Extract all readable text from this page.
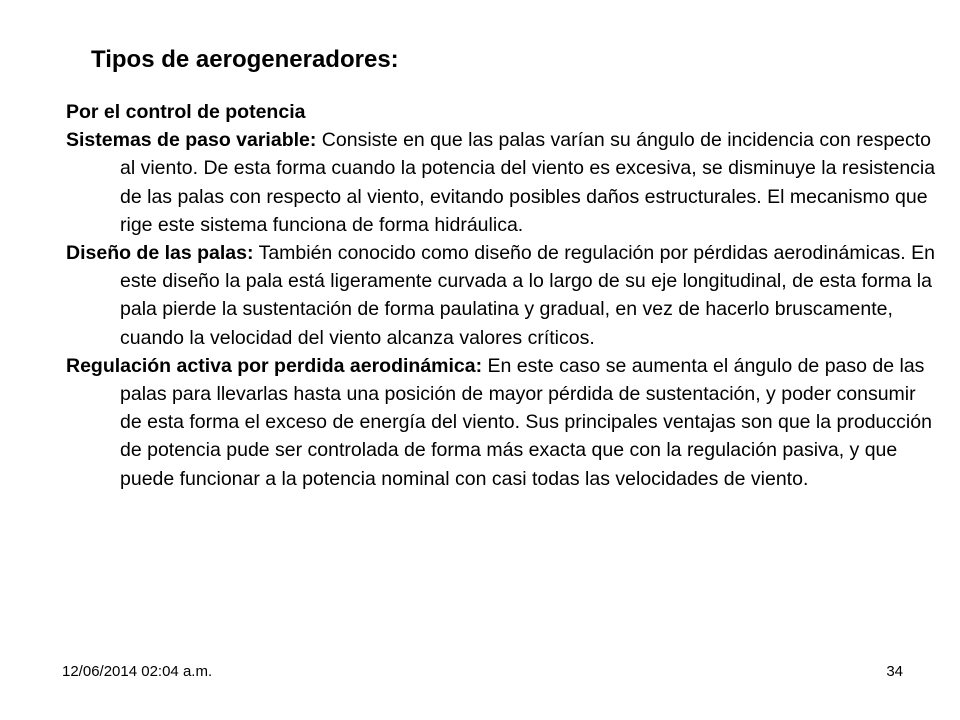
Tipos de aerogeneradores:

Por el control de potencia

Sistemas de paso variable: Consiste en que las palas varían su ángulo de incidencia con respecto al viento. De esta forma cuando la potencia del viento es excesiva, se disminuye la resistencia de las palas con respecto al viento, evitando posibles daños estructurales. El mecanismo que rige este sistema funciona de forma hidráulica.

Diseño de las palas: También conocido como diseño de regulación por pérdidas aerodinámicas. En este diseño la pala está ligeramente curvada a lo largo de su eje longitudinal, de esta forma la pala pierde la sustentación de forma paulatina y gradual, en vez de hacerlo bruscamente, cuando la velocidad del viento alcanza valores críticos.

Regulación activa por perdida aerodinámica: En este caso se aumenta el ángulo de paso de las palas para llevarlas hasta una posición de mayor pérdida de sustentación, y poder consumir de esta forma el exceso de energía del viento. Sus principales ventajas son que la producción de potencia pude ser controlada de forma más exacta que con la regulación pasiva, y que puede funcionar a la potencia nominal con casi todas las velocidades de viento.

12/06/2014 02:04 a.m.	34
